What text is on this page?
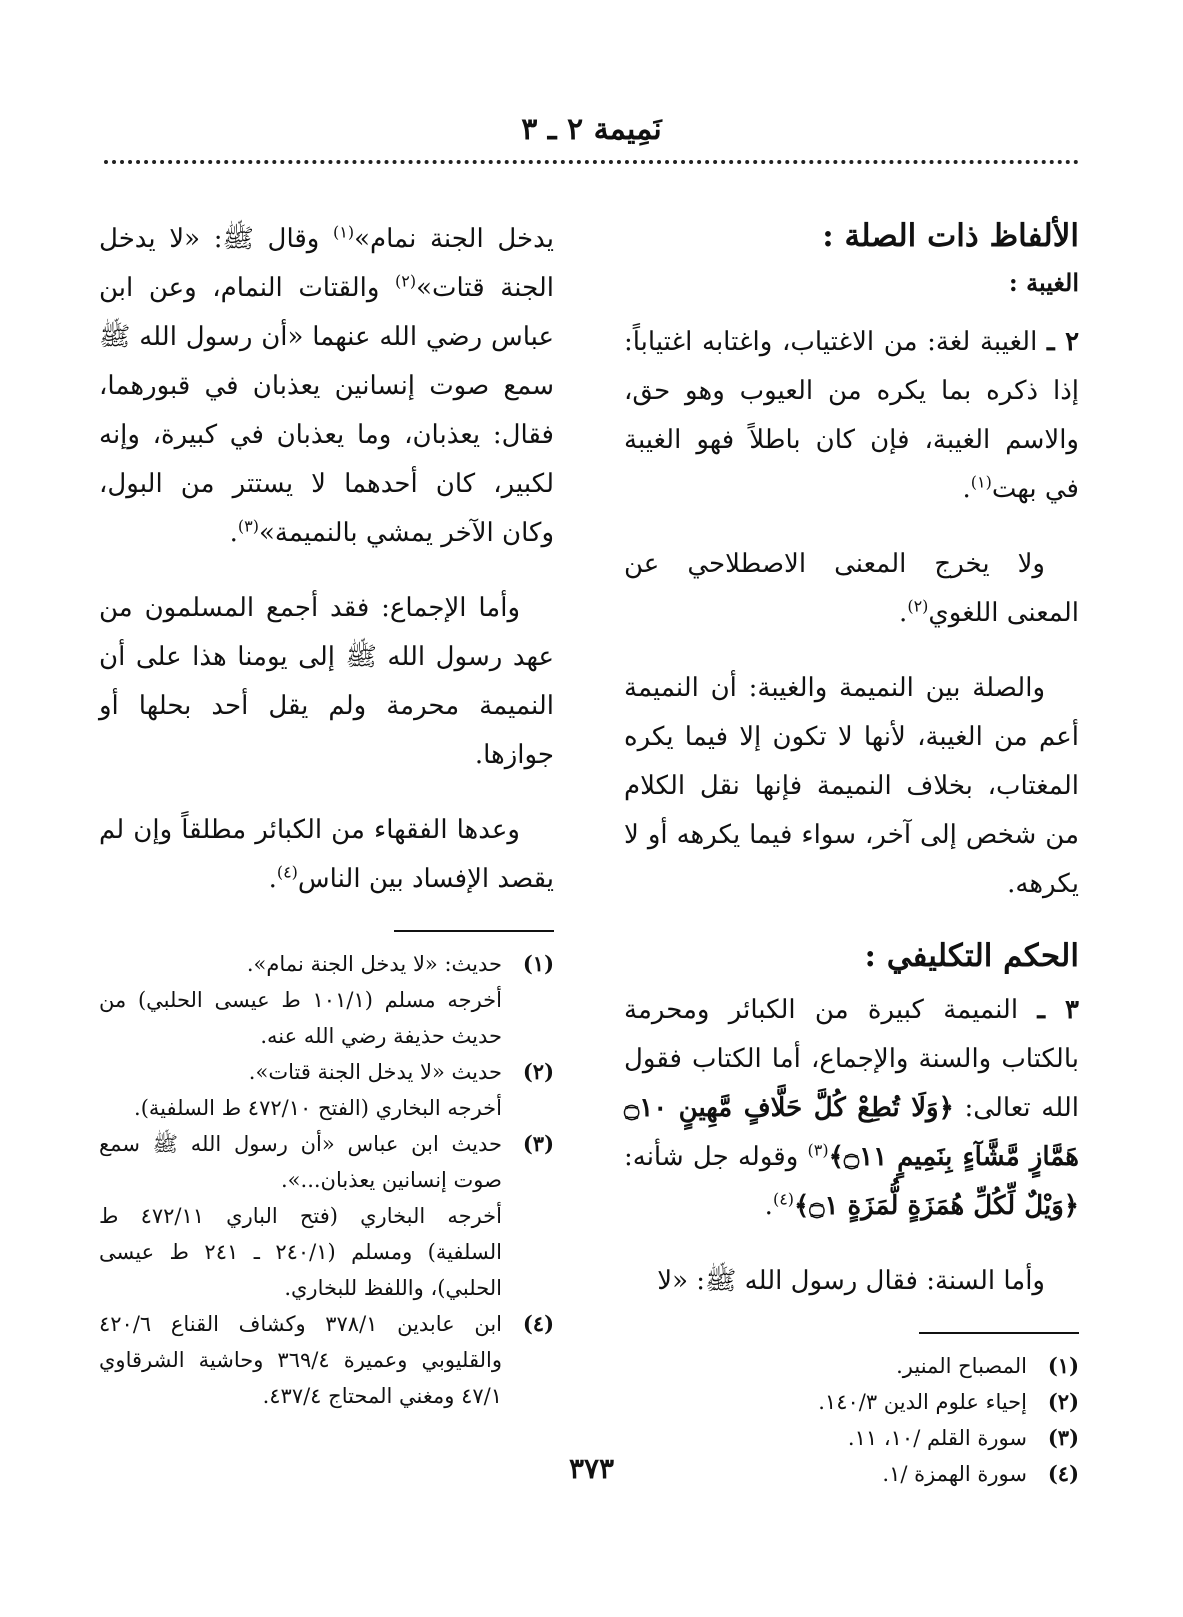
نَمِيمة ٢ ـ ٣
الألفاظ ذات الصلة :
الغيبة :

٢ ـ الغيبة لغة: من الاغتياب، واغتابه اغتياباً: إذا ذكره بما يكره من العيوب وهو حق، والاسم الغيبة، فإن كان باطلاً فهو الغيبة في بهت$^{(١)}$.

ولا يخرج المعنى الاصطلاحي عن المعنى اللغوي$^{(٢)}$.

والصلة بين النميمة والغيبة: أن النميمة أعم من الغيبة، لأنها لا تكون إلا فيما يكره المغتاب، بخلاف النميمة فإنها نقل الكلام من شخص إلى آخر، سواء فيما يكرهه أو لا يكرهه.

الحكم التكليفي :

٣ ـ النميمة كبيرة من الكبائر ومحرمة بالكتاب والسنة والإجماع، أما الكتاب فقول الله تعالى: ﴿وَلَا تُطِعْ كُلَّ حَلَّافٍ مَّهِينٍ ۝١٠ هَمَّازٍ مَّشَّآءٍ بِنَمِيمٍ ۝١١﴾$^{(٣)}$ وقوله جل شأنه: ﴿وَيْلٌ لِّكُلِّ هُمَزَةٍ لُّمَزَةٍ ۝١﴾$^{(٤)}$.

وأما السنة: فقال رسول الله ﷺ: «لا

(١)
المصباح المنير.
(٢)
إحياء علوم الدين ١٤٠/٣.
(٣)
سورة القلم /١٠، ١١.
(٤)
سورة الهمزة /١.

يدخل الجنة نمام»$^{(١)}$ وقال ﷺ: «لا يدخل الجنة قتات»$^{(٢)}$ والقتات النمام، وعن ابن عباس رضي الله عنهما «أن رسول الله ﷺ سمع صوت إنسانين يعذبان في قبورهما، فقال: يعذبان، وما يعذبان في كبيرة، وإنه لكبير، كان أحدهما لا يستتر من البول، وكان الآخر يمشي بالنميمة»$^{(٣)}$.

وأما الإجماع: فقد أجمع المسلمون من عهد رسول الله ﷺ إلى يومنا هذا على أن النميمة محرمة ولم يقل أحد بحلها أو جوازها.

وعدها الفقهاء من الكبائر مطلقاً وإن لم يقصد الإفساد بين الناس$^{(٤)}$.

(١)
حديث: «لا يدخل الجنة نمام».
أخرجه مسلم (١٠١/١ ط عيسى الحلبي) من حديث حذيفة رضي الله عنه.
(٢)
حديث «لا يدخل الجنة قتات».
أخرجه البخاري (الفتح ٤٧٢/١٠ ط السلفية).
(٣)
حديث ابن عباس «أن رسول الله ﷺ سمع صوت إنسانين يعذبان...».
أخرجه البخاري (فتح الباري ٤٧٢/١١ ط السلفية) ومسلم (٢٤٠/١ ـ ٢٤١ ط عيسى الحلبي)، واللفظ للبخاري.
(٤)
ابن عابدين ٣٧٨/١ وكشاف القناع ٤٢٠/٦ والقليوبي وعميرة ٣٦٩/٤ وحاشية الشرقاوي ٤٧/١ ومغني المحتاج ٤٣٧/٤.
٣٧٣
